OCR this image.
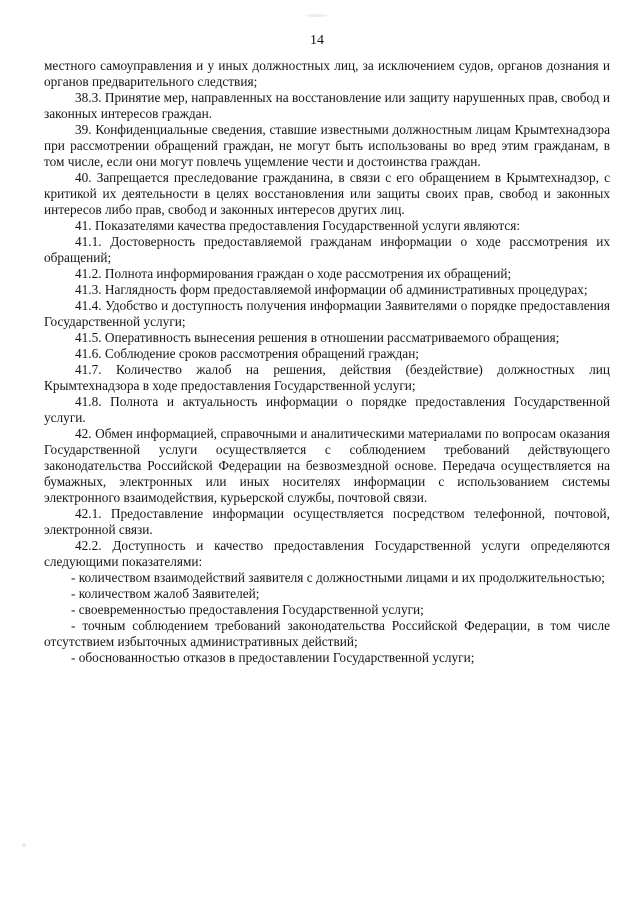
14

местного самоуправления и у иных должностных лиц, за исключением судов, органов дознания и органов предварительного следствия;

38.3. Принятие мер, направленных на восстановление или защиту нарушенных прав, свобод и законных интересов граждан.

39. Конфиденциальные сведения, ставшие известными должностным лицам Крымтехнадзора при рассмотрении обращений граждан, не могут быть использованы во вред этим гражданам, в том числе, если они могут повлечь ущемление чести и достоинства граждан.

40. Запрещается преследование гражданина, в связи с его обращением в Крымтехнадзор, с критикой их деятельности в целях восстановления или защиты своих прав, свобод и законных интересов либо прав, свобод и законных интересов других лиц.

41. Показателями качества предоставления Государственной услуги являются:

41.1. Достоверность предоставляемой гражданам информации о ходе рассмотрения их обращений;

41.2. Полнота информирования граждан о ходе рассмотрения их обращений;

41.3. Наглядность форм предоставляемой информации об административных процедурах;

41.4. Удобство и доступность получения информации Заявителями о порядке предоставления Государственной услуги;

41.5. Оперативность вынесения решения в отношении рассматриваемого обращения;

41.6. Соблюдение сроков рассмотрения обращений граждан;

41.7. Количество жалоб на решения, действия (бездействие) должностных лиц Крымтехнадзора в ходе предоставления Государственной услуги;

41.8. Полнота и актуальность информации о порядке предоставления Государственной услуги.

42. Обмен информацией, справочными и аналитическими материалами по вопросам оказания Государственной услуги осуществляется с соблюдением требований действующего законодательства Российской Федерации на безвозмездной основе. Передача осуществляется на бумажных, электронных или иных носителях информации с использованием системы электронного взаимодействия, курьерской службы, почтовой связи.

42.1. Предоставление информации осуществляется посредством телефонной, почтовой, электронной связи.

42.2. Доступность и качество предоставления Государственной услуги определяются следующими показателями:

- количеством взаимодействий заявителя с должностными лицами и их продолжительностью;

- количеством жалоб Заявителей;

- своевременностью предоставления Государственной услуги;

- точным соблюдением требований законодательства Российской Федерации, в том числе отсутствием избыточных административных действий;

- обоснованностью отказов в предоставлении Государственной услуги;
